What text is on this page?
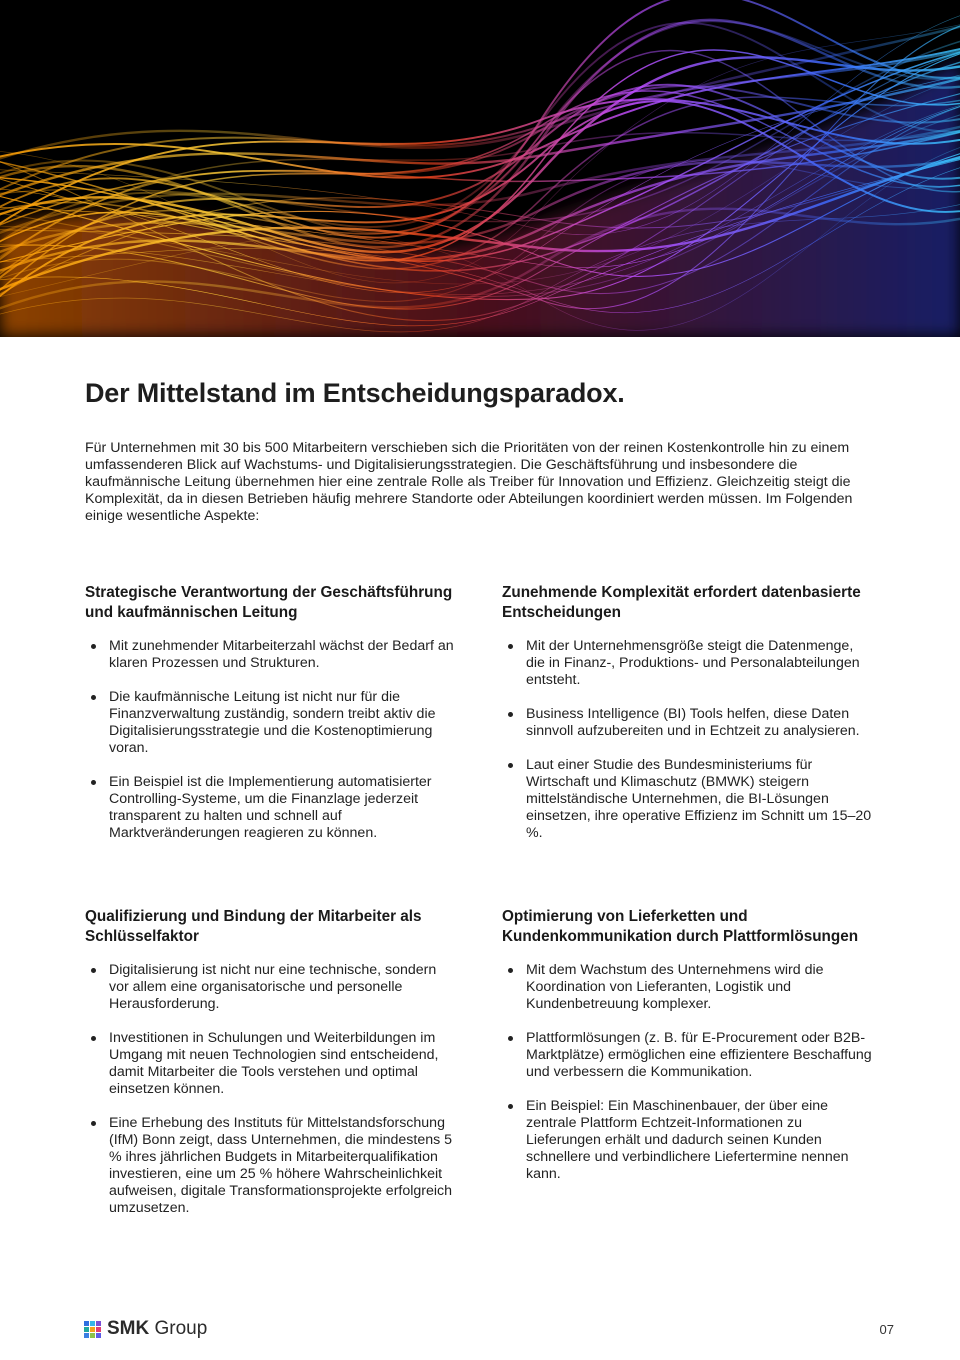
Der Mittelstand im Entscheidungsparadox.

Für Unternehmen mit 30 bis 500 Mitarbeitern verschieben sich die Prioritäten von der reinen Kostenkontrolle hin zu einem umfassenderen Blick auf Wachstums- und Digitalisierungsstrategien. Die Geschäftsführung und insbesondere die kaufmännische Leitung übernehmen hier eine zentrale Rolle als Treiber für Innovation und Effizienz. Gleichzeitig steigt die Komplexität, da in diesen Betrieben häufig mehrere Standorte oder Abteilungen koordiniert werden müssen. Im Folgenden einige wesentliche Aspekte:

Strategische Verantwortung der Geschäftsführung und kaufmännischen Leitung
Mit zunehmender Mitarbeiterzahl wächst der Bedarf an klaren Prozessen und Strukturen.
Die kaufmännische Leitung ist nicht nur für die Finanzverwaltung zuständig, sondern treibt aktiv die Digitalisierungsstrategie und die Kostenoptimierung voran.
Ein Beispiel ist die Implementierung automatisierter Controlling-Systeme, um die Finanzlage jederzeit transparent zu halten und schnell auf Marktveränderungen reagieren zu können.
Zunehmende Komplexität erfordert datenbasierte Entscheidungen
Mit der Unternehmensgröße steigt die Datenmenge, die in Finanz-, Produktions- und Personalabteilungen entsteht.
Business Intelligence (BI) Tools helfen, diese Daten sinnvoll aufzubereiten und in Echtzeit zu analysieren.
Laut einer Studie des Bundesministeriums für Wirtschaft und Klimaschutz (BMWK) steigern mittelständische Unternehmen, die BI-Lösungen einsetzen, ihre operative Effizienz im Schnitt um 15–20 %.
Qualifizierung und Bindung der Mitarbeiter als Schlüsselfaktor
Digitalisierung ist nicht nur eine technische, sondern vor allem eine organisatorische und personelle Herausforderung.
Investitionen in Schulungen und Weiterbildungen im Umgang mit neuen Technologien sind entscheidend, damit Mitarbeiter die Tools verstehen und optimal einsetzen können.
Eine Erhebung des Instituts für Mittelstandsforschung (IfM) Bonn zeigt, dass Unternehmen, die mindestens 5 % ihres jährlichen Budgets in Mitarbeiterqualifikation investieren, eine um 25 % höhere Wahrscheinlichkeit aufweisen, digitale Transformationsprojekte erfolgreich umzusetzen.
Optimierung von Lieferketten und Kundenkommunikation durch Plattformlösungen
Mit dem Wachstum des Unternehmens wird die Koordination von Lieferanten, Logistik und Kundenbetreuung komplexer.
Plattformlösungen (z. B. für E-Procurement oder B2B-Marktplätze) ermöglichen eine effizientere Beschaffung und verbessern die Kommunikation.
Ein Beispiel: Ein Maschinenbauer, der über eine zentrale Plattform Echtzeit-Informationen zu Lieferungen erhält und dadurch seinen Kunden schnellere und verbindlichere Liefertermine nennen kann.
SMK Group	07
